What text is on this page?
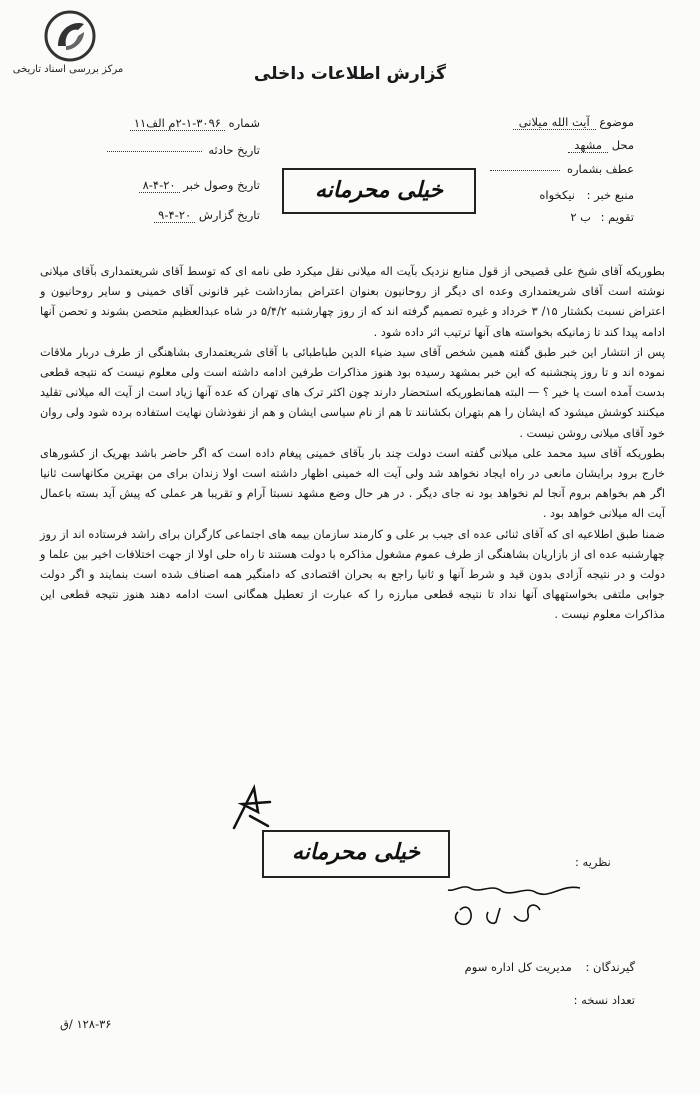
مرکز بررسی اسناد تاریخی	گزارش اطلاعات داخلی
موضوع آیت الله میلانی
محل مشهد
عطف بشماره
منبع خبر : نیکخواه
تقویم : ب ۲
شماره ۳۰۹۶-۱-۲م الف۱۱
تاریخ حادثه
تاریخ وصول خبر ۲۰-۴-۸
تاریخ گزارش ۲۰-۴-۹
خیلی محرمانه

بطوریکه آقای شیخ علی قصیحی از قول منابع نزدیک بآیت اله میلانی نقل میکرد طی نامه ای که توسط آقای شریعتمداری بآقای میلانی نوشته است آقای شریعتمداری وعده ای دیگر از روحانیون بعنوان اعتراض بمازداشت غیر قانونی آقای خمینی و سایر روحانیون و اعتراض نسبت بکشتار ۱۵/ ۳ خرداد و غیره تصمیم گرفته اند که از روز چهارشنبه ۵/۴/۲ در شاه عبدالعظیم متحصن بشوند و تحصن آنها ادامه پیدا کند تا زمانیکه بخواسته های آنها ترتیب اثر داده شود .

پس از انتشار این خبر طبق گفته همین شخص آقای سید ضیاء الدین طباطبائی با آقای شریعتمداری بشاهنگی از طرف دربار ملاقات نموده اند و تا روز پنجشنبه که این خبر بمشهد رسیده بود هنوز مذاکرات طرفین ادامه داشته است ولی معلوم نیست که نتیجه قطعی بدست آمده است یا خیر ؟ — البته همانطوریکه استحضار دارند چون اکثر ترک های تهران که عده آنها زیاد است از آیت اله میلانی تقلید میکنند کوشش میشود که ایشان را هم بتهران بکشانند تا هم از نام سیاسی ایشان و هم از نفوذشان نهایت استفاده برده شود ولی روان خود آقای میلانی روشن نیست .

بطوریکه آقای سید محمد علی میلانی گفته است دولت چند بار بآقای خمینی پیغام داده است که اگر حاضر باشد بهریک از کشورهای خارج برود برایشان مانعی در راه ایجاد نخواهد شد ولی آیت اله خمینی اظهار داشته است اولا زندان برای من بهترین مکانهاست ثانیا اگر هم بخواهم بروم آنجا لم نخواهد بود نه جای دیگر . در هر حال وضع مشهد نسبتا آرام و تقریبا هر عملی که پیش آید بسته باعمال آیت اله میلانی خواهد بود .

ضمنا طبق اطلاعیه ای که آقای ثنائی عده ای جیب بر علی و کارمند سازمان بیمه های اجتماعی کارگران برای راشد فرستاده اند از روز چهارشنبه عده ای از بازاریان بشاهنگی از طرف عموم مشغول مذاکره با دولت هستند تا راه حلی اولا از جهت اختلافات اخیر بین علما و دولت و در نتیجه آزادی بدون قید و شرط آنها و ثانیا راجع به بحران اقتصادی که دامنگیر همه اصناف شده است بنمایند و اگر دولت جوابی ملتفی بخواستههای آنها نداد تا نتیجه قطعی مبارزه را که عبارت از تعطیل همگانی است ادامه دهند هنوز نتیجه قطعی این مذاکرات معلوم نیست .

خیلی محرمانه	نظریه :
گیرندگان : مدیریت کل اداره سوم
تعداد نسخه :
۱۲۸-۳۶ /ق
